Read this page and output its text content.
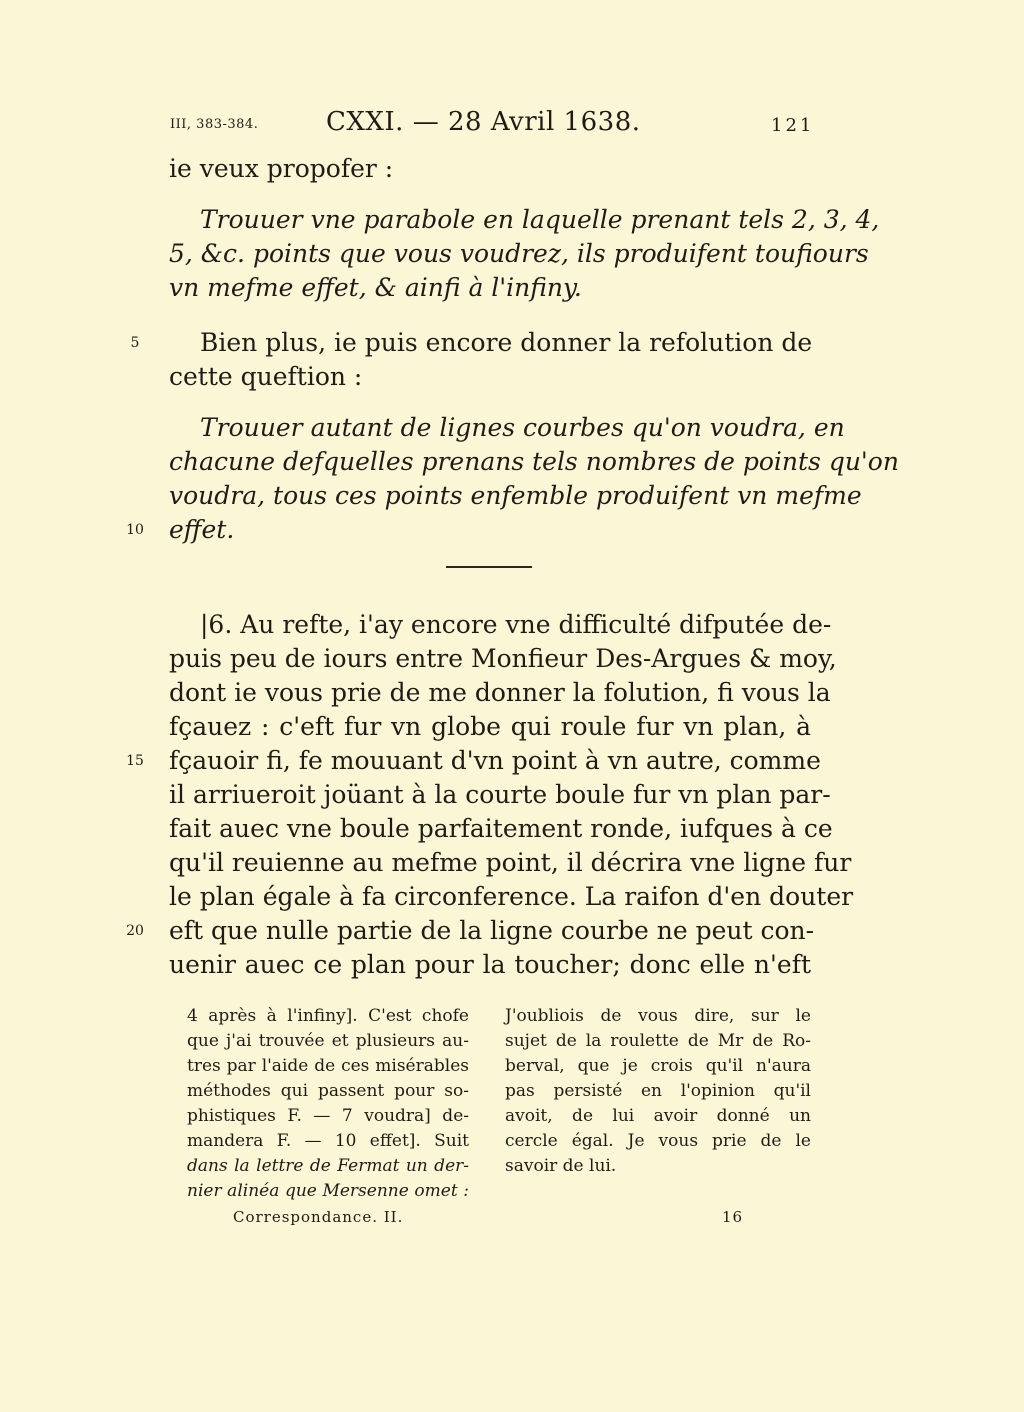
III, 383-384.	CXXI. — 28 Avril 1638.	121
ie veux propofer :
Trouuer vne parabole en laquelle prenant tels 2, 3, 4,
5, &c. points que vous voudrez, ils produifent toufiours
vn mefme effet, & ainfi à l'infiny.
Bien plus, ie puis encore donner la refolution de
cette queftion :
Trouuer autant de lignes courbes qu'on voudra, en
chacune defquelles prenans tels nombres de points qu'on
voudra, tous ces points enfemble produifent vn mefme
effet.
|6. Au refte, i'ay encore vne difficulté difputée de-
puis peu de iours entre Monfieur Des-Argues & moy,
dont ie vous prie de me donner la folution, fi vous la
fçauez : c'eft fur vn globe qui roule fur vn plan, à
fçauoir fi, fe mouuant d'vn point à vn autre, comme
il arriueroit joüant à la courte boule fur vn plan par-
fait auec vne boule parfaitement ronde, iufques à ce
qu'il reuienne au mefme point, il décrira vne ligne fur
le plan égale à fa circonference. La raifon d'en douter
eft que nulle partie de la ligne courbe ne peut con-
uenir auec ce plan pour la toucher; donc elle n'eft
5
10
15
20
4 après à l'infiny]. C'est chofe
que j'ai trouvée et plusieurs au-
tres par l'aide de ces misérables
méthodes qui passent pour so-
phistiques F. — 7 voudra] de-
mandera F. — 10 effet]. Suit
dans la lettre de Fermat un der-
nier alinéa que Mersenne omet :
J'oubliois de vous dire, sur le
sujet de la roulette de Mr de Ro-
berval, que je crois qu'il n'aura
pas persisté en l'opinion qu'il
avoit, de lui avoir donné un
cercle égal. Je vous prie de le
savoir de lui.
Correspondance. II.	16
